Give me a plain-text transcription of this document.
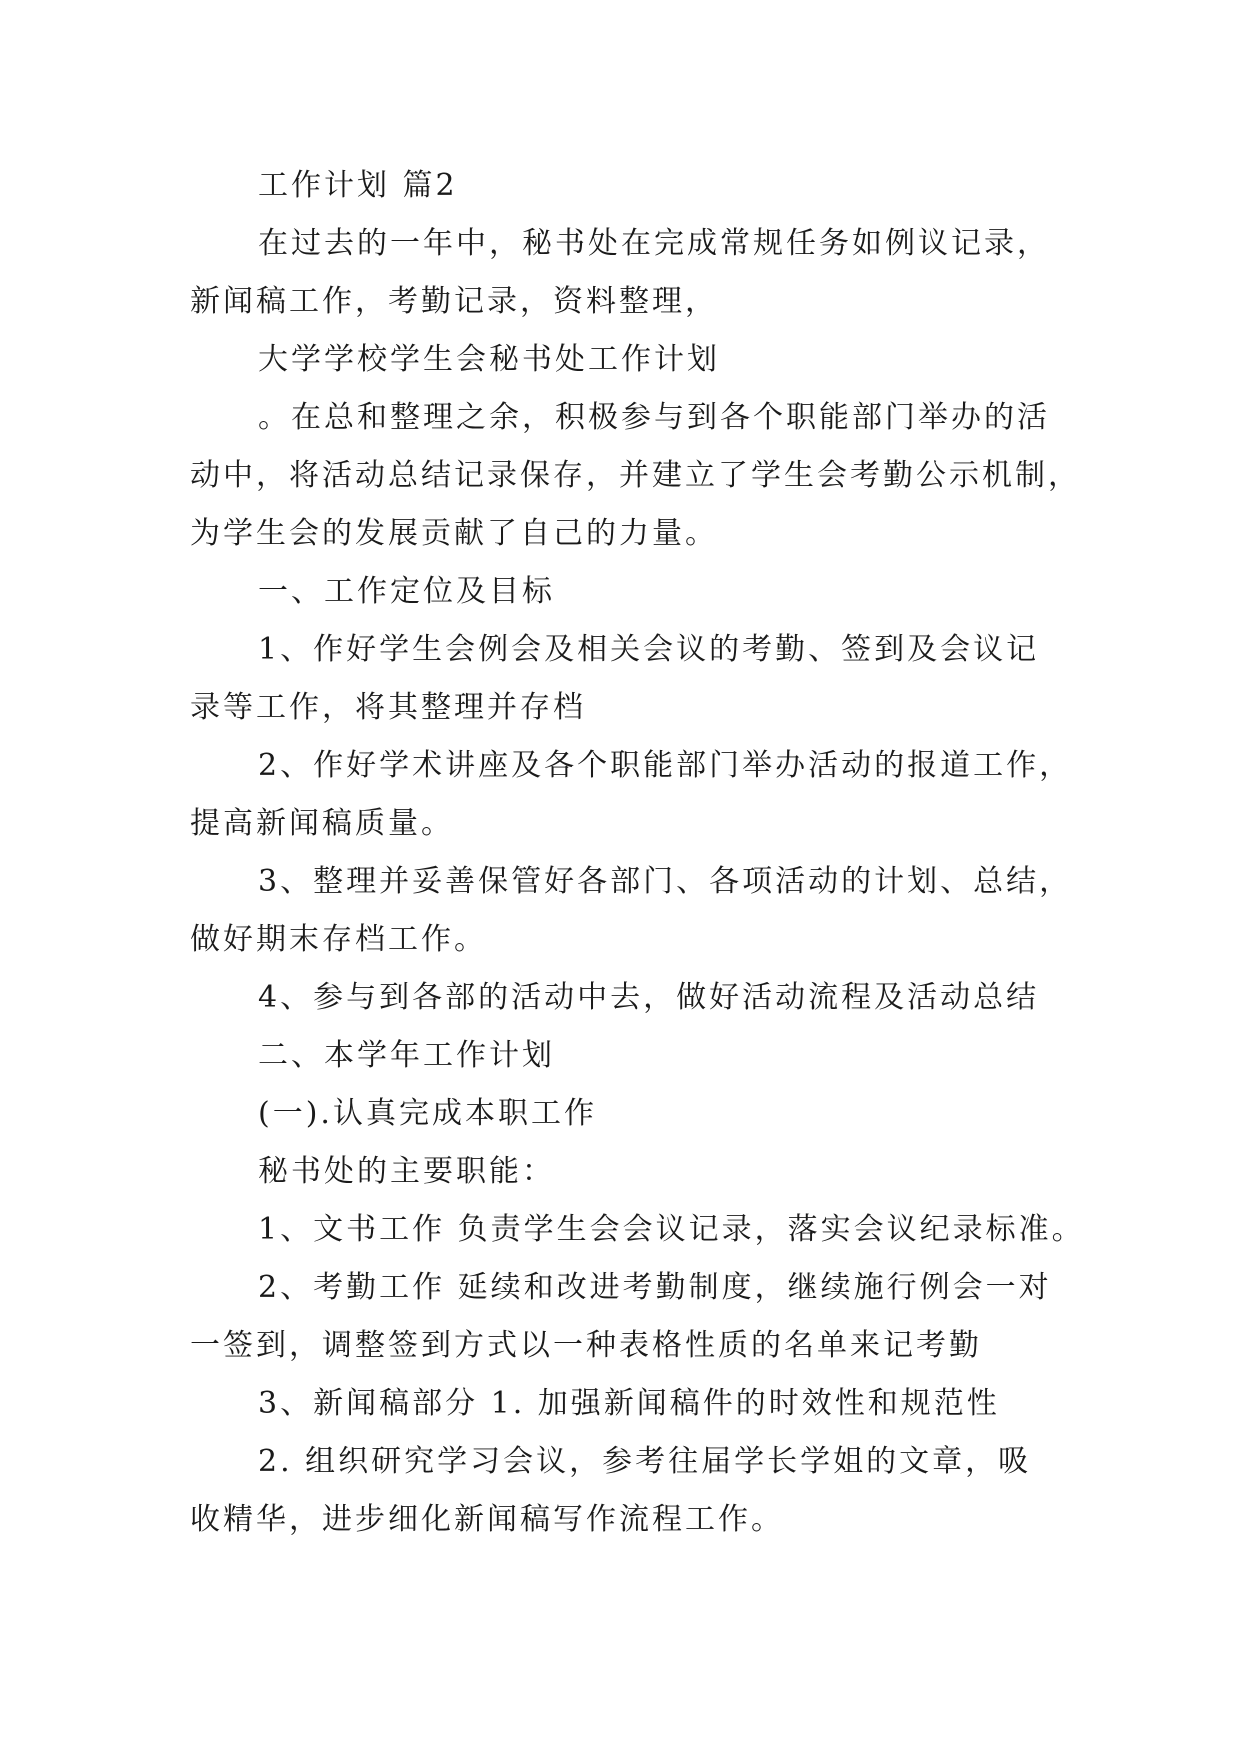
工作计划 篇2
在过去的一年中，秘书处在完成常规任务如例议记录，
新闻稿工作，考勤记录，资料整理，
大学学校学生会秘书处工作计划
。在总和整理之余，积极参与到各个职能部门举办的活
动中，将活动总结记录保存，并建立了学生会考勤公示机制，
为学生会的发展贡献了自己的力量。
一、工作定位及目标
1、作好学生会例会及相关会议的考勤、签到及会议记
录等工作，将其整理并存档
2、作好学术讲座及各个职能部门举办活动的报道工作，
提高新闻稿质量。
3、整理并妥善保管好各部门、各项活动的计划、总结，
做好期末存档工作。
4、参与到各部的活动中去，做好活动流程及活动总结
二、本学年工作计划
(一).认真完成本职工作
秘书处的主要职能：
1、文书工作 负责学生会会议记录，落实会议纪录标准。
2、考勤工作 延续和改进考勤制度，继续施行例会一对
一签到，调整签到方式以一种表格性质的名单来记考勤
3、新闻稿部分 1. 加强新闻稿件的时效性和规范性
2. 组织研究学习会议，参考往届学长学姐的文章，吸
收精华，进步细化新闻稿写作流程工作。
